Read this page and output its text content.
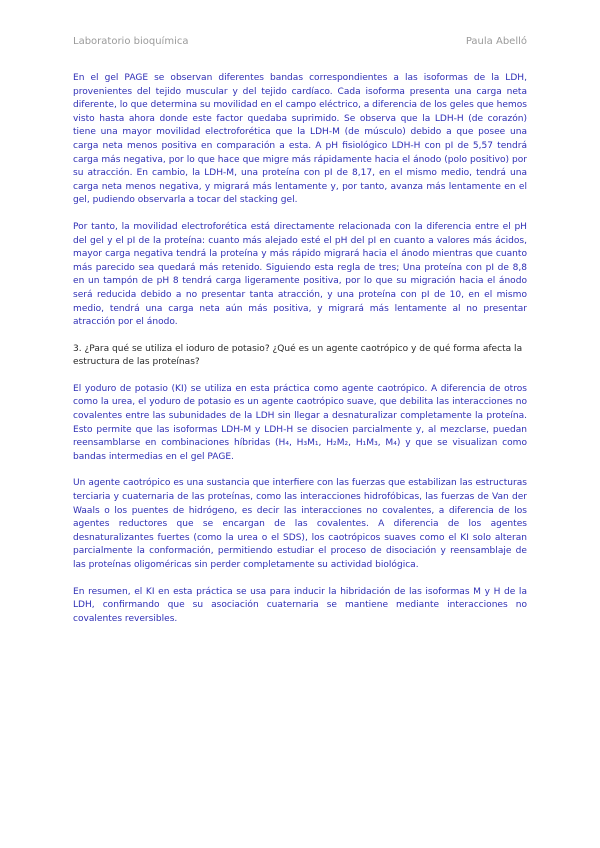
Laboratorio bioquímica	Paula Abelló

En el gel PAGE se observan diferentes bandas correspondientes a las isoformas de la LDH, provenientes del tejido muscular y del tejido cardíaco. Cada isoforma presenta una carga neta diferente, lo que determina su movilidad en el campo eléctrico, a diferencia de los geles que hemos visto hasta ahora donde este factor quedaba suprimido. Se observa que la LDH-H (de corazón) tiene una mayor movilidad electroforética que la LDH-M (de músculo) debido a que posee una carga neta menos positiva en comparación a esta. A pH fisiológico LDH-H con pI de 5,57 tendrá carga más negativa, por lo que hace que migre más rápidamente hacia el ánodo (polo positivo) por su atracción. En cambio, la LDH-M, una proteína con pI de 8,17, en el mismo medio, tendrá una carga neta menos negativa, y migrará más lentamente y, por tanto, avanza más lentamente en el gel, pudiendo observarla a tocar del stacking gel.

Por tanto, la movilidad electroforética está directamente relacionada con la diferencia entre el pH del gel y el pI de la proteína: cuanto más alejado esté el pH del pI en cuanto a valores más ácidos, mayor carga negativa tendrá la proteína y más rápido migrará hacia el ánodo mientras que cuanto más parecido sea quedará más retenido. Siguiendo esta regla de tres; Una proteína con pI de 8,8 en un tampón de pH 8 tendrá carga ligeramente positiva, por lo que su migración hacia el ánodo será reducida debido a no presentar tanta atracción, y una proteína con pI de 10, en el mismo medio, tendrá una carga neta aún más positiva, y migrará más lentamente al no presentar atracción por el ánodo.

3. ¿Para qué se utiliza el ioduro de potasio? ¿Qué es un agente caotrópico y de qué forma afecta la estructura de las proteínas?

El yoduro de potasio (KI) se utiliza en esta práctica como agente caotrópico. A diferencia de otros como la urea, el yoduro de potasio es un agente caotrópico suave, que debilita las interacciones no covalentes entre las subunidades de la LDH sin llegar a desnaturalizar completamente la proteína. Esto permite que las isoformas LDH-M y LDH-H se disocien parcialmente y, al mezclarse, puedan reensamblarse en combinaciones híbridas (H₄, H₃M₁, H₂M₂, H₁M₃, M₄) y que se visualizan como bandas intermedias en el gel PAGE.

Un agente caotrópico es una sustancia que interfiere con las fuerzas que estabilizan las estructuras terciaria y cuaternaria de las proteínas, como las interacciones hidrofóbicas, las fuerzas de Van der Waals o los puentes de hidrógeno, es decir las interacciones no covalentes, a diferencia de los agentes reductores que se encargan de las covalentes. A diferencia de los agentes desnaturalizantes fuertes (como la urea o el SDS), los caotrópicos suaves como el KI solo alteran parcialmente la conformación, permitiendo estudiar el proceso de disociación y reensamblaje de las proteínas oligoméricas sin perder completamente su actividad biológica.

En resumen, el KI en esta práctica se usa para inducir la hibridación de las isoformas M y H de la LDH, confirmando que su asociación cuaternaria se mantiene mediante interacciones no covalentes reversibles.
